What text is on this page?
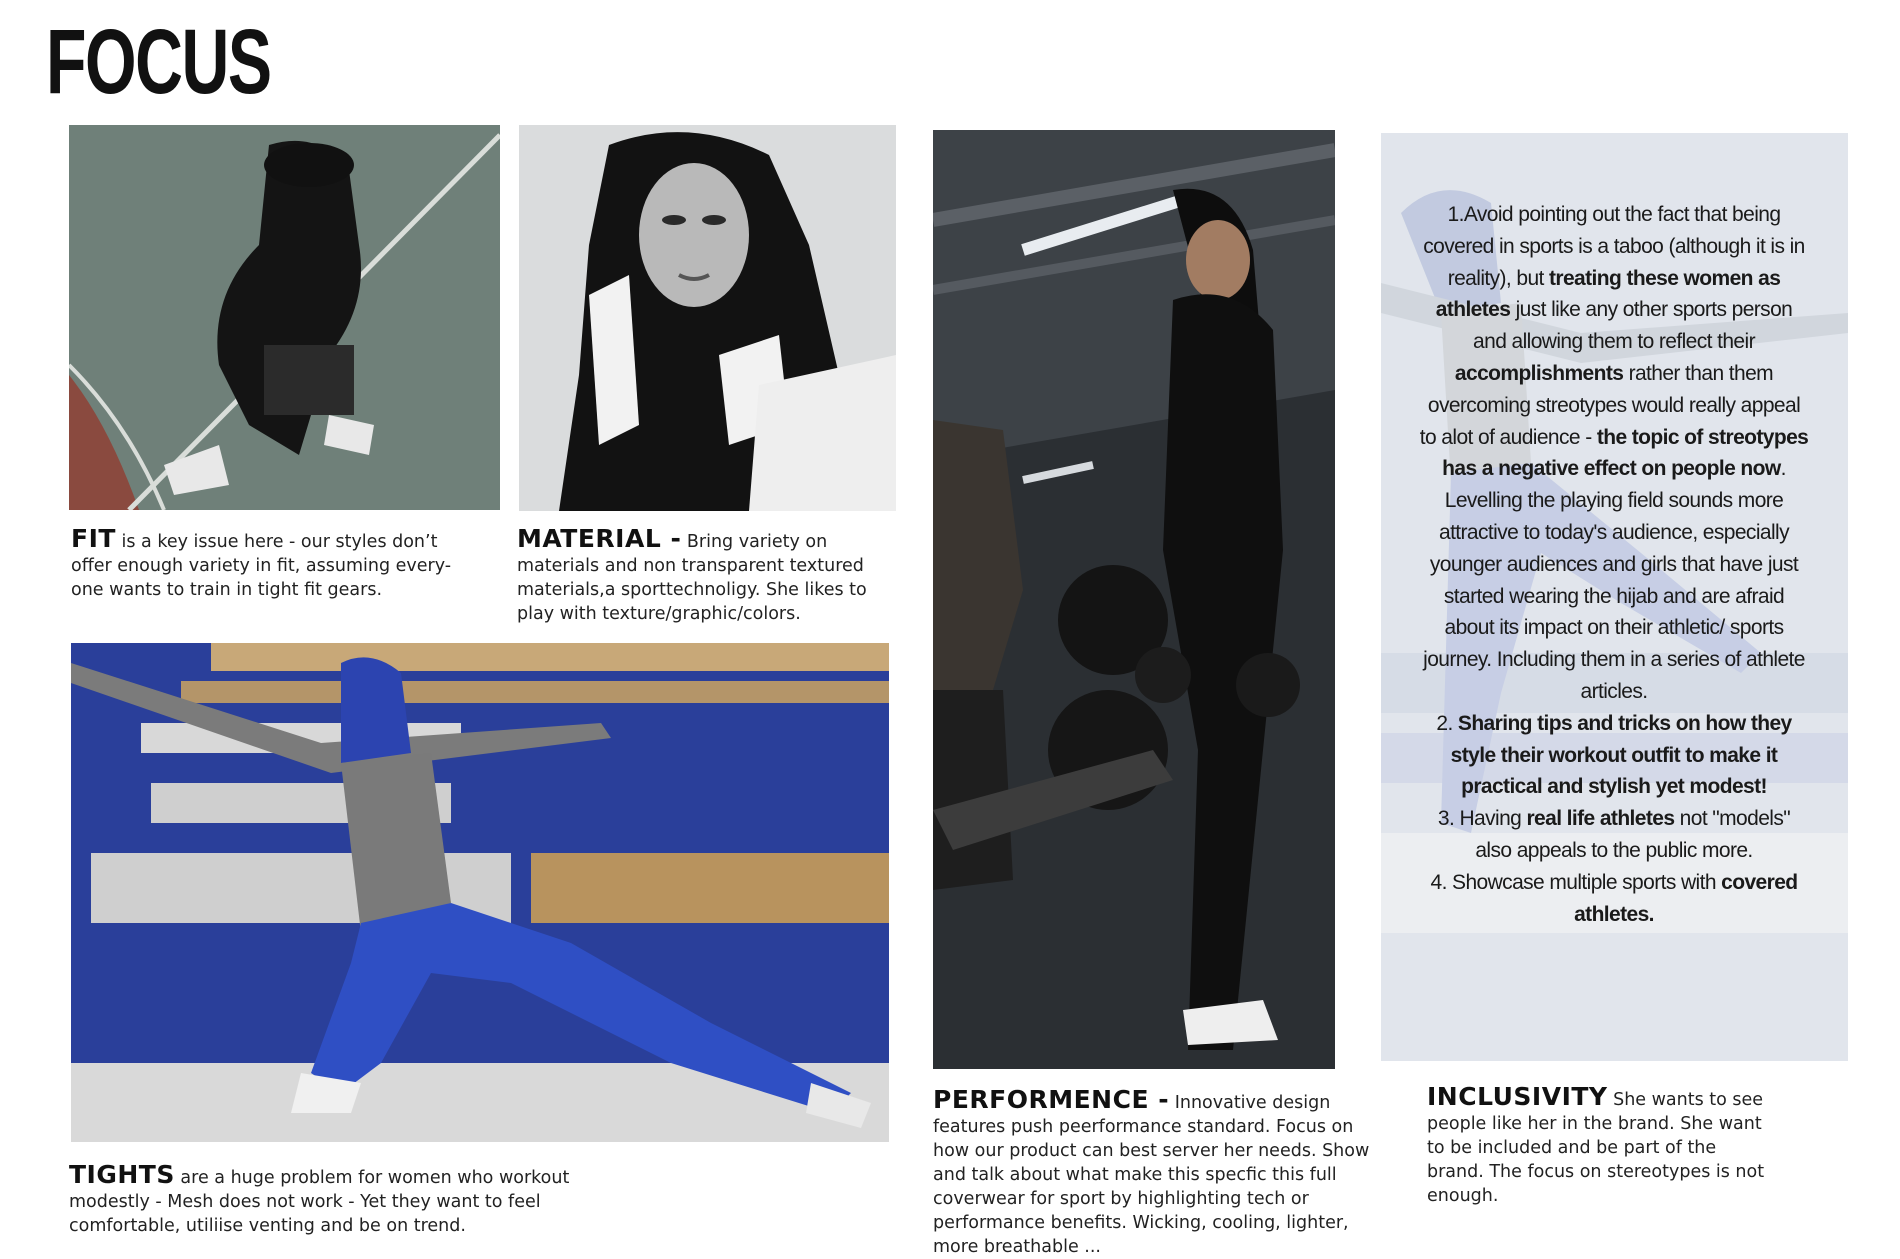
FOCUS
FIT is a key issue here - our styles don’t offer enough variety in fit, assuming every-one wants to train in tight fit gears.
MATERIAL - Bring variety on materials and non transparent textured materials,a sporttechnoligy. She likes to play with texture/graphic/colors.
TIGHTS are a huge problem for women who workout modestly - Mesh does not work - Yet they want to feel comfortable, utiliise venting and be on trend.
PERFORMENCE - Innovative design features push peerformance standard. Focus on how our product can best server her needs. Show and talk about what make this specfic this full coverwear for sport by highlighting tech or performance benefits. Wicking, cooling, lighter, more breathable ...

1.Avoid pointing out the fact that being covered in sports is a taboo (although it is in reality), but treating these women as athletes just like any other sports person and allowing them to reflect their accomplishments rather than them overcoming streotypes would really appeal to alot of audience - the topic of streotypes has a negative effect on people now. Levelling the playing field sounds more attractive to today's audience, especially younger audiences and girls that have just started wearing the hijab and are afraid about its impact on their athletic/ sports journey. Including them in a series of athlete articles.

2. Sharing tips and tricks on how they style their workout outfit to make it practical and stylish yet modest!

3. Having real life athletes not "models" also appeals to the public more.

4. Showcase multiple sports with covered athletes.

INCLUSIVITY She wants to see people like her in the brand. She want to be included and be part of the brand. The focus on stereotypes is not enough.
